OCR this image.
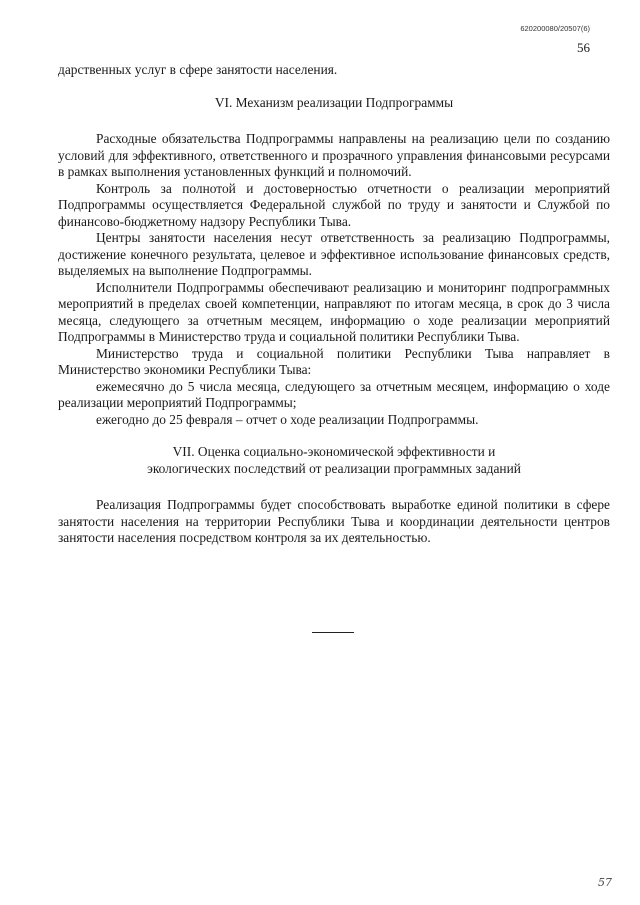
620200080/20507(6)
56

дарственных услуг в сфере занятости населения.

VI. Механизм реализации Подпрограммы

Расходные обязательства Подпрограммы направлены на реализацию цели по созданию условий для эффективного, ответственного и прозрачного управления финансовыми ресурсами в рамках выполнения установленных функций и полномочий.

Контроль за полнотой и достоверностью отчетности о реализации мероприятий Подпрограммы осуществляется Федеральной службой по труду и занятости и Службой по финансово-бюджетному надзору Республики Тыва.

Центры занятости населения несут ответственность за реализацию Подпрограммы, достижение конечного результата, целевое и эффективное использование финансовых средств, выделяемых на выполнение Подпрограммы.

Исполнители Подпрограммы обеспечивают реализацию и мониторинг подпрограммных мероприятий в пределах своей компетенции, направляют по итогам месяца, в срок до 3 числа месяца, следующего за отчетным месяцем, информацию о ходе реализации мероприятий Подпрограммы в Министерство труда и социальной политики Республики Тыва.

Министерство труда и социальной политики Республики Тыва направляет в Министерство экономики Республики Тыва:

ежемесячно до 5 числа месяца, следующего за отчетным месяцем, информацию о ходе реализации мероприятий Подпрограммы;

ежегодно до 25 февраля – отчет о ходе реализации Подпрограммы.

VII. Оценка социально-экономической эффективности и

экологических последствий от реализации программных заданий

Реализация Подпрограммы будет способствовать выработке единой политики в сфере занятости населения на территории Республики Тыва и координации деятельности центров занятости населения посредством контроля за их деятельностью.

57
